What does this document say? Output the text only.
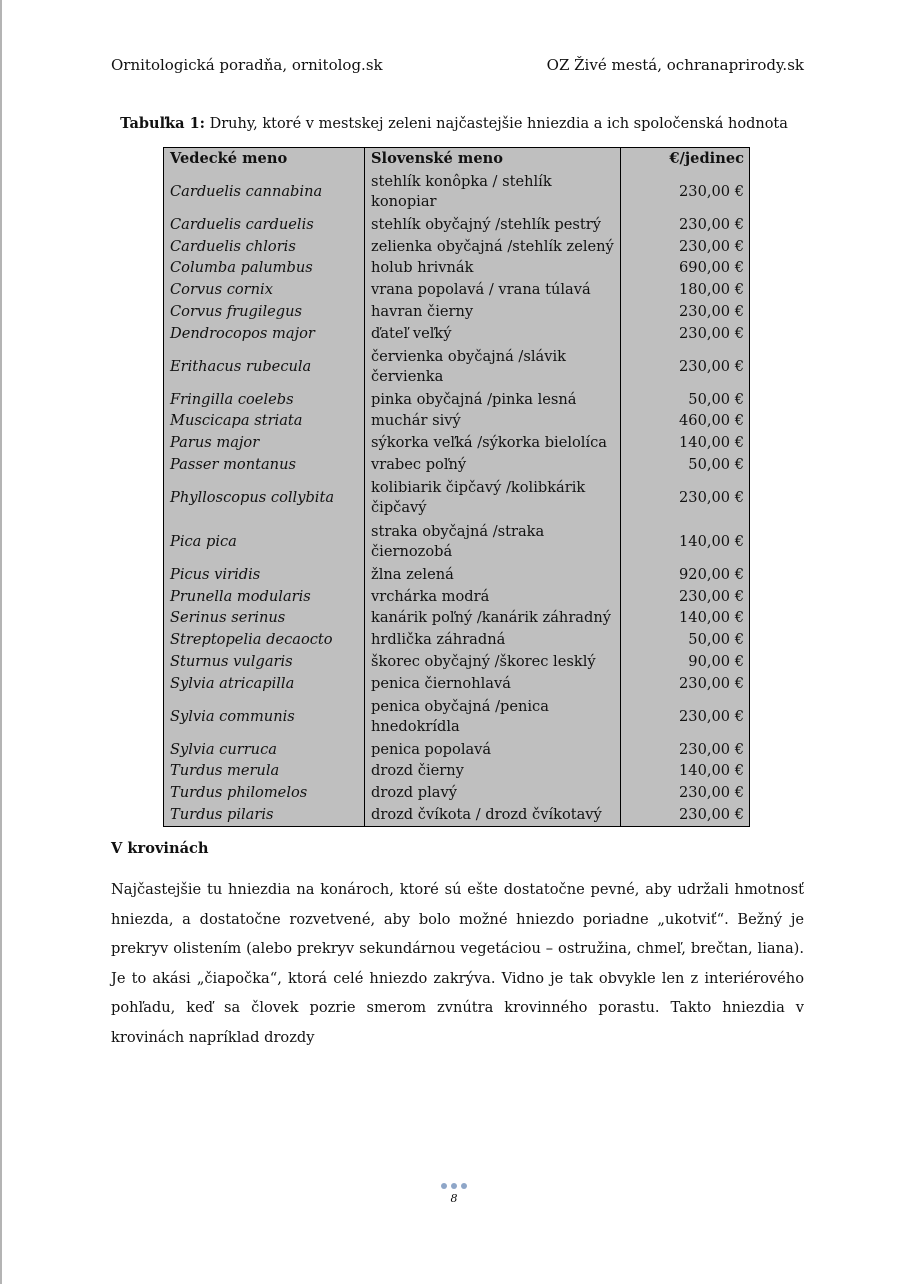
Ornitologická poradňa, ornitolog.sk	OZ Živé mestá, ochranaprirody.sk
Tabuľka 1: Druhy, ktoré v mestskej zeleni najčastejšie hniezdia a ich spoločenská hodnota
Vedecké meno	Slovenské meno	€/jedinec
Carduelis cannabina	stehlík konôpka / stehlík konopiar	230,00 €
Carduelis carduelis	stehlík obyčajný /stehlík pestrý	230,00 €
Carduelis chloris	zelienka obyčajná /stehlík zelený	230,00 €
Columba palumbus	holub hrivnák	690,00 €
Corvus cornix	vrana popolavá / vrana túlavá	180,00 €
Corvus frugilegus	havran čierny	230,00 €
Dendrocopos major	ďateľ veľký	230,00 €
Erithacus rubecula	červienka obyčajná /slávik červienka	230,00 €
Fringilla coelebs	pinka obyčajná /pinka lesná	50,00 €
Muscicapa striata	muchár sivý	460,00 €
Parus major	sýkorka veľká /sýkorka bielolíca	140,00 €
Passer montanus	vrabec poľný	50,00 €
Phylloscopus collybita	kolibiarik čipčavý /kolibkárik čipčavý	230,00 €
Pica pica	straka obyčajná /straka čiernozobá	140,00 €
Picus viridis	žlna zelená	920,00 €
Prunella modularis	vrchárka modrá	230,00 €
Serinus serinus	kanárik poľný /kanárik záhradný	140,00 €
Streptopelia decaocto	hrdlička záhradná	50,00 €
Sturnus vulgaris	škorec obyčajný /škorec lesklý	90,00 €
Sylvia atricapilla	penica čiernohlavá	230,00 €
Sylvia communis	penica obyčajná /penica hnedokrídla	230,00 €
Sylvia curruca	penica popolavá	230,00 €
Turdus merula	drozd čierny	140,00 €
Turdus philomelos	drozd plavý	230,00 €
Turdus pilaris	drozd čvíkota / drozd čvíkotavý	230,00 €
V krovinách

Najčastejšie tu hniezdia na konároch, ktoré sú ešte dostatočne pevné, aby udržali hmotnosť hniezda, a dostatočne rozvetvené, aby bolo možné hniezdo poriadne „ukotviť“. Bežný je prekryv olistením (alebo prekryv sekundárnou vegetáciou – ostružina, chmeľ, brečtan, liana). Je to akási „čiapočka“, ktorá celé hniezdo zakrýva. Vidno je tak obvykle len z interiérového pohľadu, keď sa človek pozrie smerom zvnútra krovinného porastu. Takto hniezdia v krovinách napríklad drozdy

8
